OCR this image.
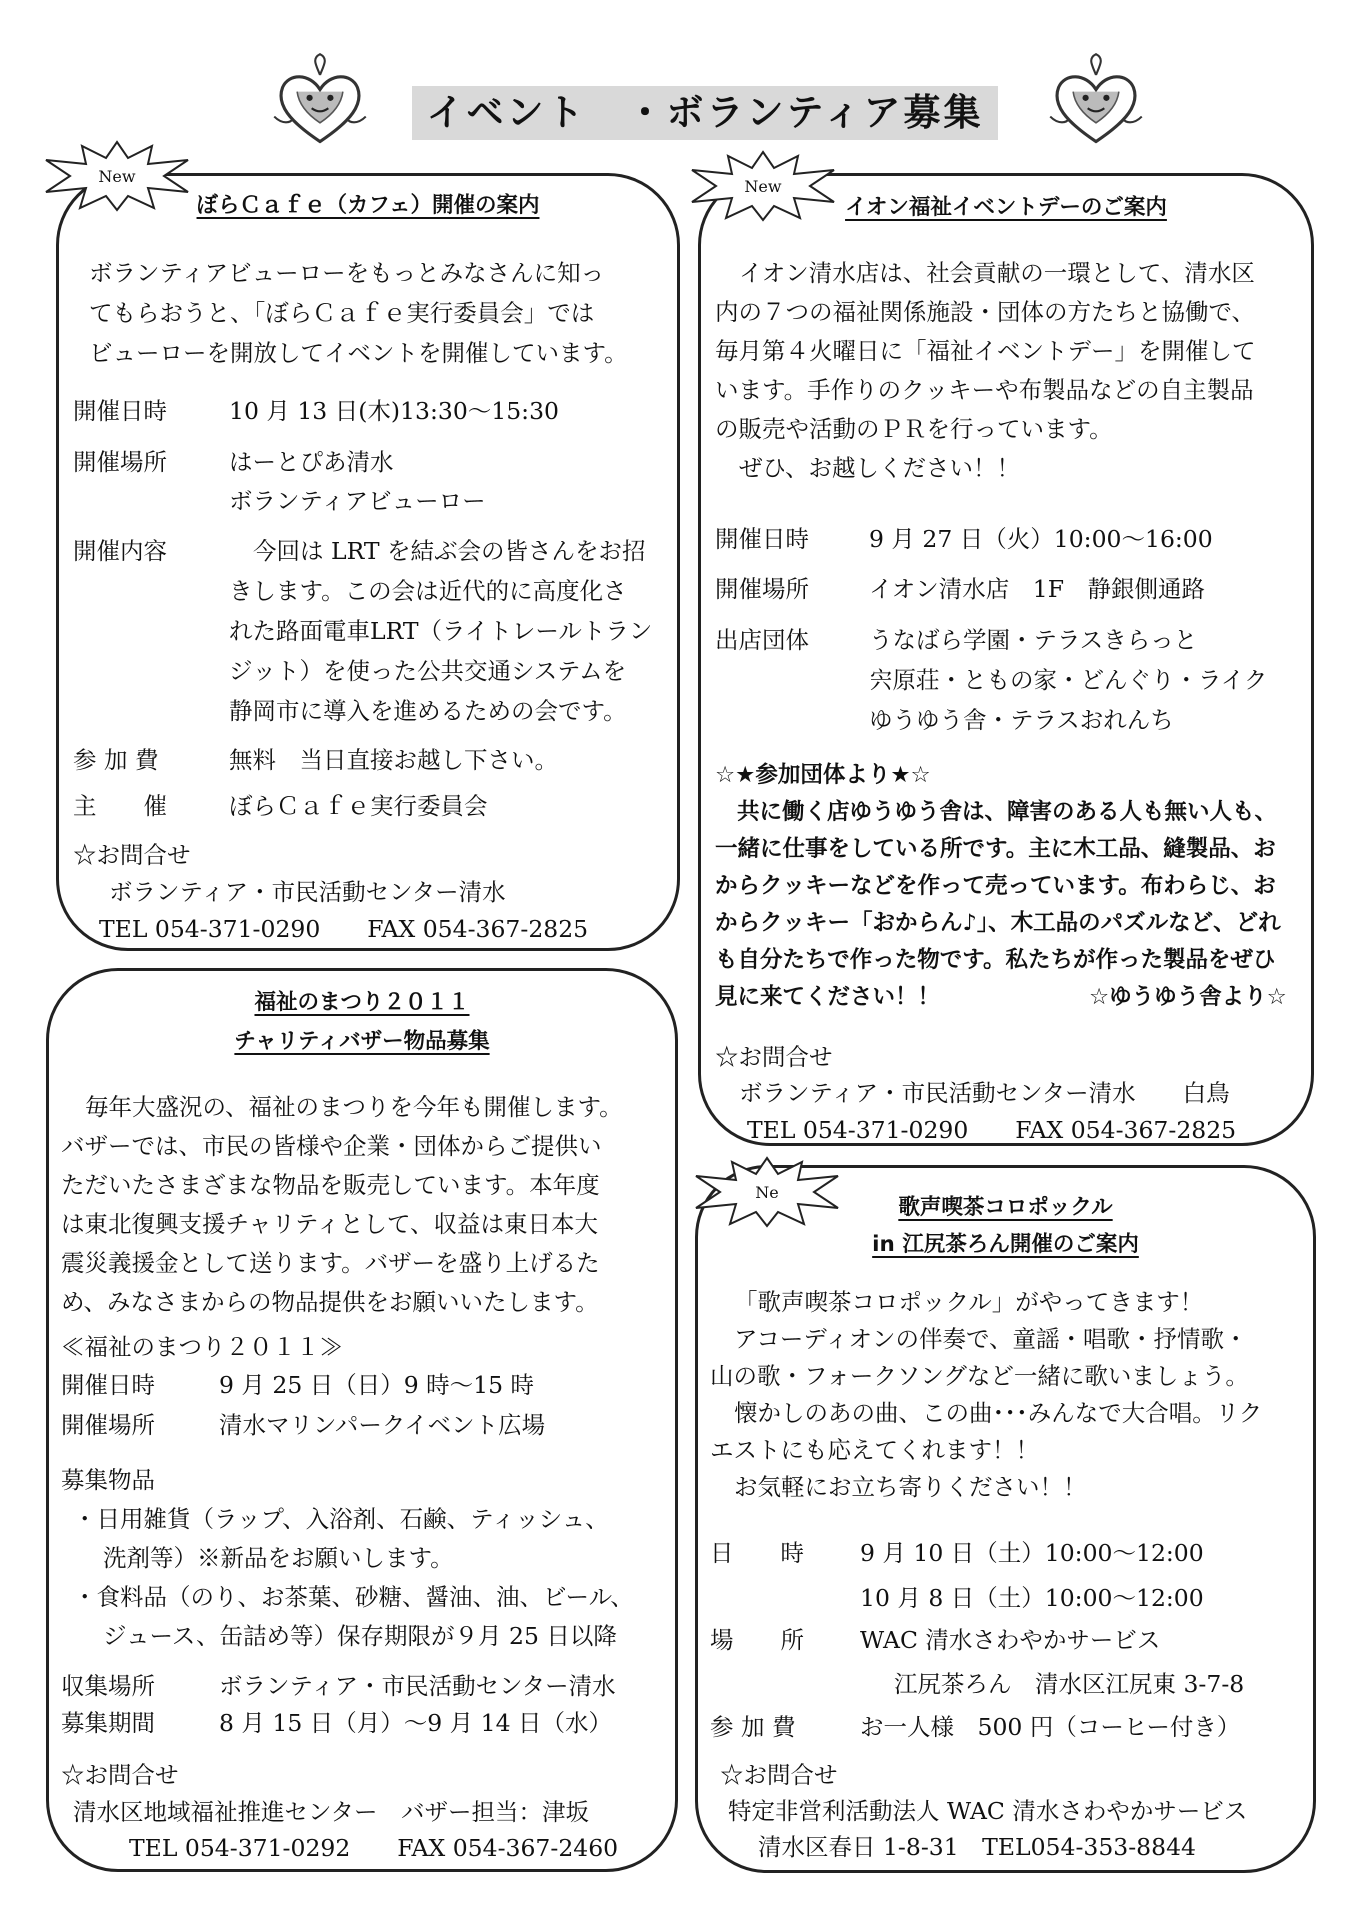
イベント　・ボランティア募集
ぼらＣａｆｅ（カフェ）開催の案内
ボランティアビューローをもっとみなさんに知っ
てもらおうと、「ぼらＣａｆｅ実行委員会」では
ビューローを開放してイベントを開催しています。
開催日時	10 月 13 日(木)13:30～15:30
開催場所	はーとぴあ清水
ボランティアビューロー
開催内容	今回は LRT を結ぶ会の皆さんをお招
きします。この会は近代的に高度化さ
れた路面電車LRT（ライトレールトラン
ジット）を使った公共交通システムを
静岡市に導入を進めるための会です。
参 加 費	無料　当日直接お越し下さい。
主　　催	ぼらＣａｆｅ実行委員会
☆お問合せ
ボランティア・市民活動センター清水
TEL 054-371-0290　　FAX 054-367-2825
New
イオン福祉イベントデーのご案内
イオン清水店は、社会貢献の一環として、清水区
内の７つの福祉関係施設・団体の方たちと協働で、
毎月第４火曜日に「福祉イベントデー」を開催して
います。手作りのクッキーや布製品などの自主製品
の販売や活動のＰＲを行っています。
ぜひ、お越しください！！
開催日時	9 月 27 日（火）10:00～16:00
開催場所	イオン清水店　1F　静銀側通路
出店団体	うなばら学園・テラスきらっと
宍原荘・ともの家・どんぐり・ライク
ゆうゆう舎・テラスおれんち
☆★参加団体より★☆
共に働く店ゆうゆう舎は、障害のある人も無い人も、
一緒に仕事をしている所です。主に木工品、縫製品、お
からクッキーなどを作って売っています。布わらじ、お
からクッキー「おからん♪」、木工品のパズルなど、どれ
も自分たちで作った物です。私たちが作った製品をぜひ
見に来てください！！	☆ゆうゆう舎より☆
☆お問合せ
ボランティア・市民活動センター清水　　白鳥
TEL 054-371-0290　　FAX 054-367-2825
New
福祉のまつり２０１１
チャリティバザー物品募集
毎年大盛況の、福祉のまつりを今年も開催します。
バザーでは、市民の皆様や企業・団体からご提供い
ただいたさまざまな物品を販売しています。本年度
は東北復興支援チャリティとして、収益は東日本大
震災義援金として送ります。バザーを盛り上げるた
め、みなさまからの物品提供をお願いいたします。
≪福祉のまつり２０１１≫
開催日時	9 月 25 日（日）9 時～15 時
開催場所	清水マリンパークイベント広場
募集物品
・日用雑貨（ラップ、入浴剤、石鹸、ティッシュ、
洗剤等）※新品をお願いします。
・食料品（のり、お茶葉、砂糖、醤油、油、ビール、
ジュース、缶詰め等）保存期限が９月 25 日以降
収集場所	ボランティア・市民活動センター清水
募集期間	8 月 15 日（月）～9 月 14 日（水）
☆お問合せ
清水区地域福祉推進センター　バザー担当：津坂
TEL 054-371-0292　　FAX 054-367-2460
歌声喫茶コロポックル
in 江尻茶ろん開催のご案内
「歌声喫茶コロポックル」がやってきます！
アコーディオンの伴奏で、童謡・唱歌・抒情歌・
山の歌・フォークソングなど一緒に歌いましょう。
懐かしのあの曲、この曲･･･みんなで大合唱。リク
エストにも応えてくれます！！
お気軽にお立ち寄りください！！
日　　時 9 月 10 日（土）10:00～12:00
10 月 8 日（土）10:00～12:00
場　　所 WAC 清水さわやかサービス
江尻茶ろん　清水区江尻東 3-7-8
参 加 費	お一人様　500 円（コーヒー付き）
☆お問合せ
特定非営利活動法人 WAC 清水さわやかサービス
清水区春日 1-8-31　TEL054-353-8844
Ne
